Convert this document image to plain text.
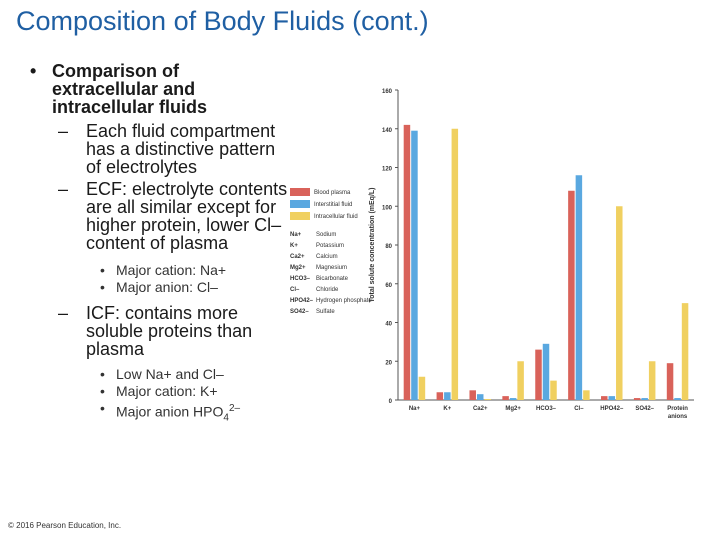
Composition of Body Fluids (cont.)
• Comparison of extracellular and intracellular fluids
– Each fluid compartment has a distinctive pattern of electrolytes
– ECF: electrolyte contents are all similar except for higher protein, lower Cl– content of plasma
• Major cation: Na+
• Major anion: Cl–
– ICF: contains more soluble proteins than plasma
• Low Na+ and Cl–
• Major cation: K+
• Major anion $HPO_4^{2-}$
© 2016 Pearson Education, Inc.
0
20
40
60
80
100
120
140
160
Total solute concentration (mEq/L)
Na+	K+	Ca2+	Mg2+	HCO3–	Cl–	HPO42– SO42– Protein
anions
Blood plasma
Interstitial fluid
Intracellular fluid
Na+ Sodium
K+	Potassium
Ca2+ Calcium
Mg2+ Magnesium
HCO3– Bicarbonate
Cl–	Chloride
HPO42– Hydrogen phosphate
SO42– Sulfate
